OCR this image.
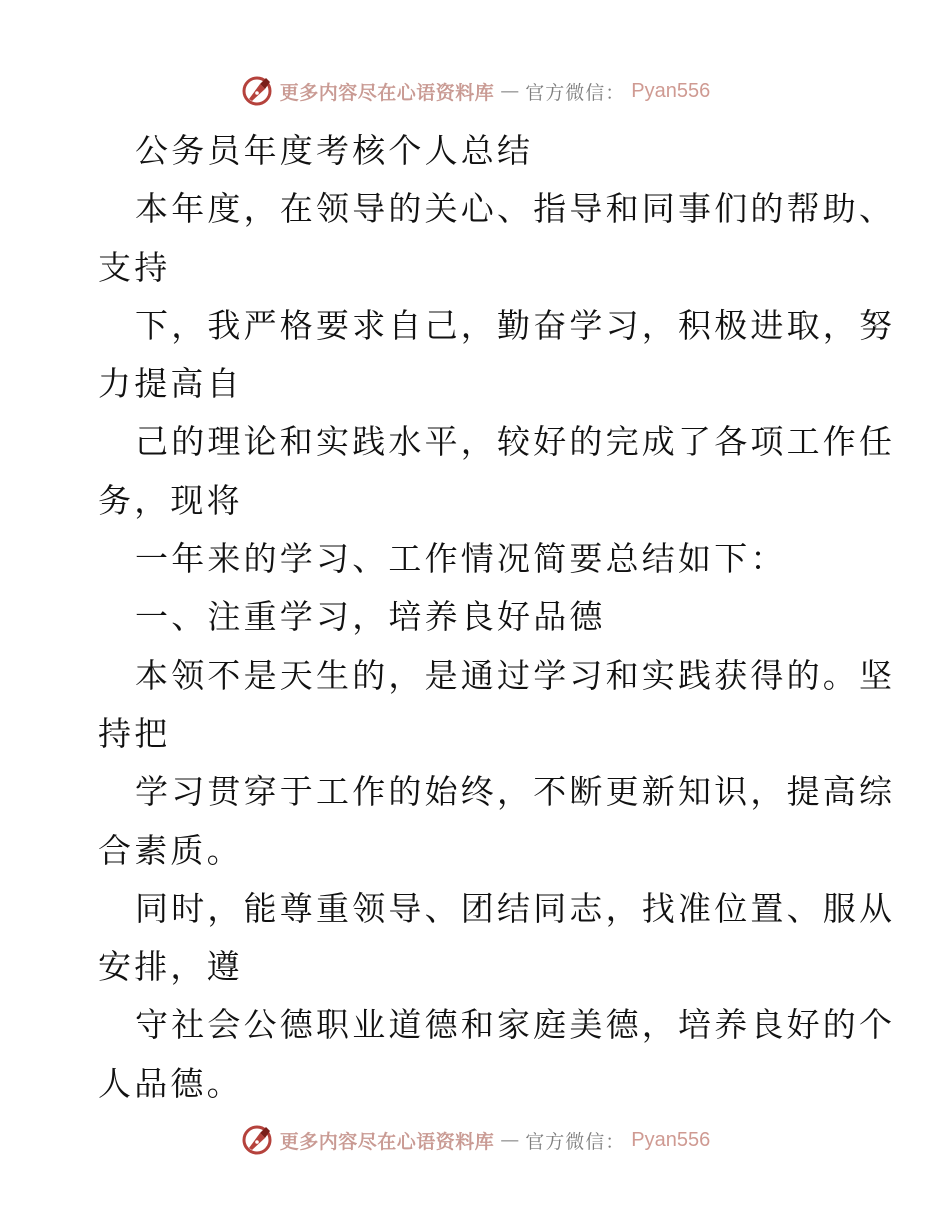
更多内容尽在心语资料库 — 官方微信： Pyan556

公务员年度考核个人总结

本年度，在领导的关心、指导和同事们的帮助、

支持

下，我严格要求自己，勤奋学习，积极进取，努

力提高自

己的理论和实践水平，较好的完成了各项工作任

务，现将

一年来的学习、工作情况简要总结如下：

一、注重学习，培养良好品德

本领不是天生的，是通过学习和实践获得的。坚

持把

学习贯穿于工作的始终，不断更新知识，提高综

合素质。

同时，能尊重领导、团结同志，找准位置、服从

安排，遵

守社会公德职业道德和家庭美德，培养良好的个

人品德。

更多内容尽在心语资料库 — 官方微信： Pyan556
